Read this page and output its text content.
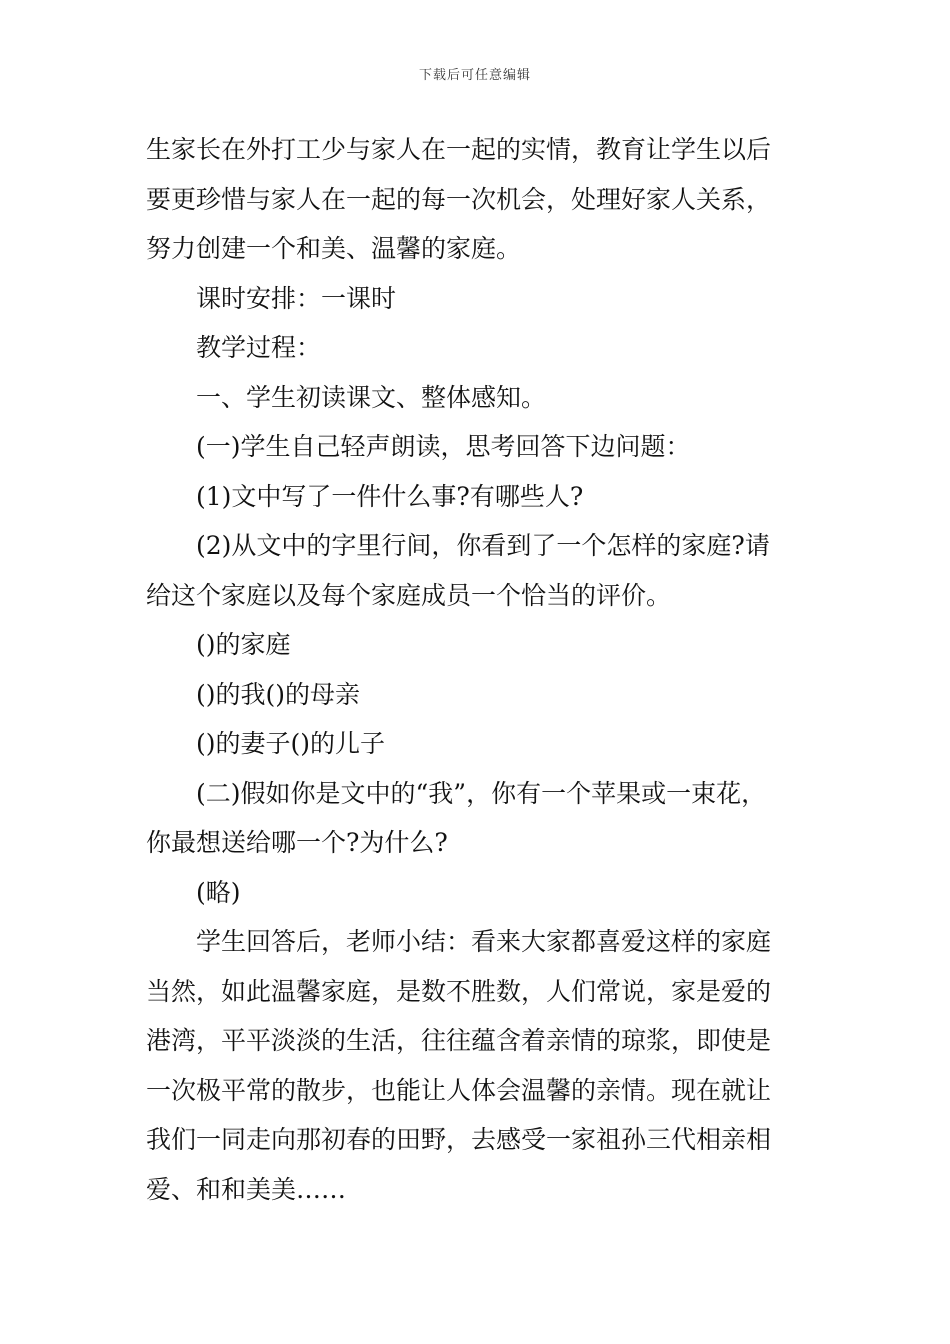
下载后可任意编辑
生家长在外打工少与家人在一起的实情，教育让学生以后
要更珍惜与家人在一起的每一次机会，处理好家人关系，
努力创建一个和美、温馨的家庭。
课时安排：一课时
教学过程：
一、学生初读课文、整体感知。
(一)学生自己轻声朗读，思考回答下边问题：
(1)文中写了一件什么事?有哪些人?
(2)从文中的字里行间，你看到了一个怎样的家庭?请
给这个家庭以及每个家庭成员一个恰当的评价。
()的家庭
()的我()的母亲
()的妻子()的儿子
(二)假如你是文中的“我”，你有一个苹果或一束花，
你最想送给哪一个?为什么?
(略)
学生回答后，老师小结：看来大家都喜爱这样的家庭
当然，如此温馨家庭，是数不胜数，人们常说，家是爱的
港湾，平平淡淡的生活，往往蕴含着亲情的琼浆，即使是
一次极平常的散步，也能让人体会温馨的亲情。现在就让
我们一同走向那初春的田野，去感受一家祖孙三代相亲相
爱、和和美美……
